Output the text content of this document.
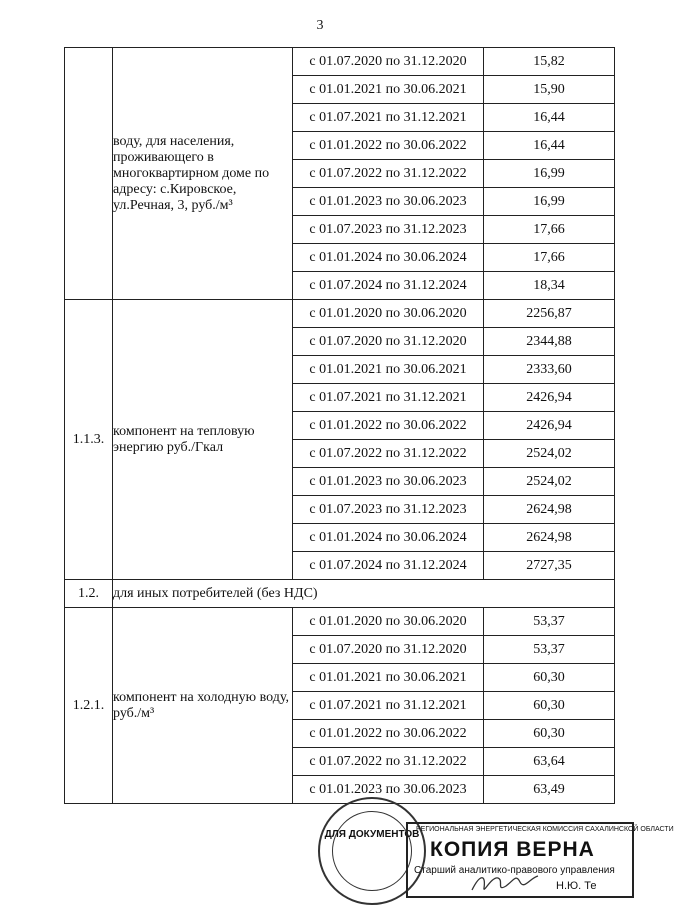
3
	воду, для населения, проживающего в многоквартирном доме по адресу: с.Кировское, ул.Речная, 3, руб./м³	с 01.07.2020 по 31.12.2020	15,82
		с 01.01.2021 по 30.06.2021	15,90
		с 01.07.2021 по 31.12.2021	16,44
		с 01.01.2022 по 30.06.2022	16,44
		с 01.07.2022 по 31.12.2022	16,99
		с 01.01.2023 по 30.06.2023	16,99
		с 01.07.2023 по 31.12.2023	17,66
		с 01.01.2024 по 30.06.2024	17,66
		с 01.07.2024 по 31.12.2024	18,34
1.1.3.	компонент на тепловую энергию руб./Гкал	с 01.01.2020 по 30.06.2020	2256,87
		с 01.07.2020 по 31.12.2020	2344,88
		с 01.01.2021 по 30.06.2021	2333,60
		с 01.07.2021 по 31.12.2021	2426,94
		с 01.01.2022 по 30.06.2022	2426,94
		с 01.07.2022 по 31.12.2022	2524,02
		с 01.01.2023 по 30.06.2023	2524,02
		с 01.07.2023 по 31.12.2023	2624,98
		с 01.01.2024 по 30.06.2024	2624,98
		с 01.07.2024 по 31.12.2024	2727,35
1.2.	для иных потребителей (без НДС)		
1.2.1.	компонент на холодную воду, руб./м³	с 01.01.2020 по 30.06.2020	53,37
		с 01.07.2020 по 31.12.2020	53,37
		с 01.01.2021 по 30.06.2021	60,30
		с 01.07.2021 по 31.12.2021	60,30
		с 01.01.2022 по 30.06.2022	60,30
		с 01.07.2022 по 31.12.2022	63,64
		с 01.01.2023 по 30.06.2023	63,49
ДЛЯ ДОКУМЕНТОВ
РЕГИОНАЛЬНАЯ ЭНЕРГЕТИЧЕСКАЯ КОМИССИЯ САХАЛИНСКОЙ ОБЛАСТИ
КОПИЯ ВЕРНА
Старший аналитико-правового управления
Н.Ю. Те
